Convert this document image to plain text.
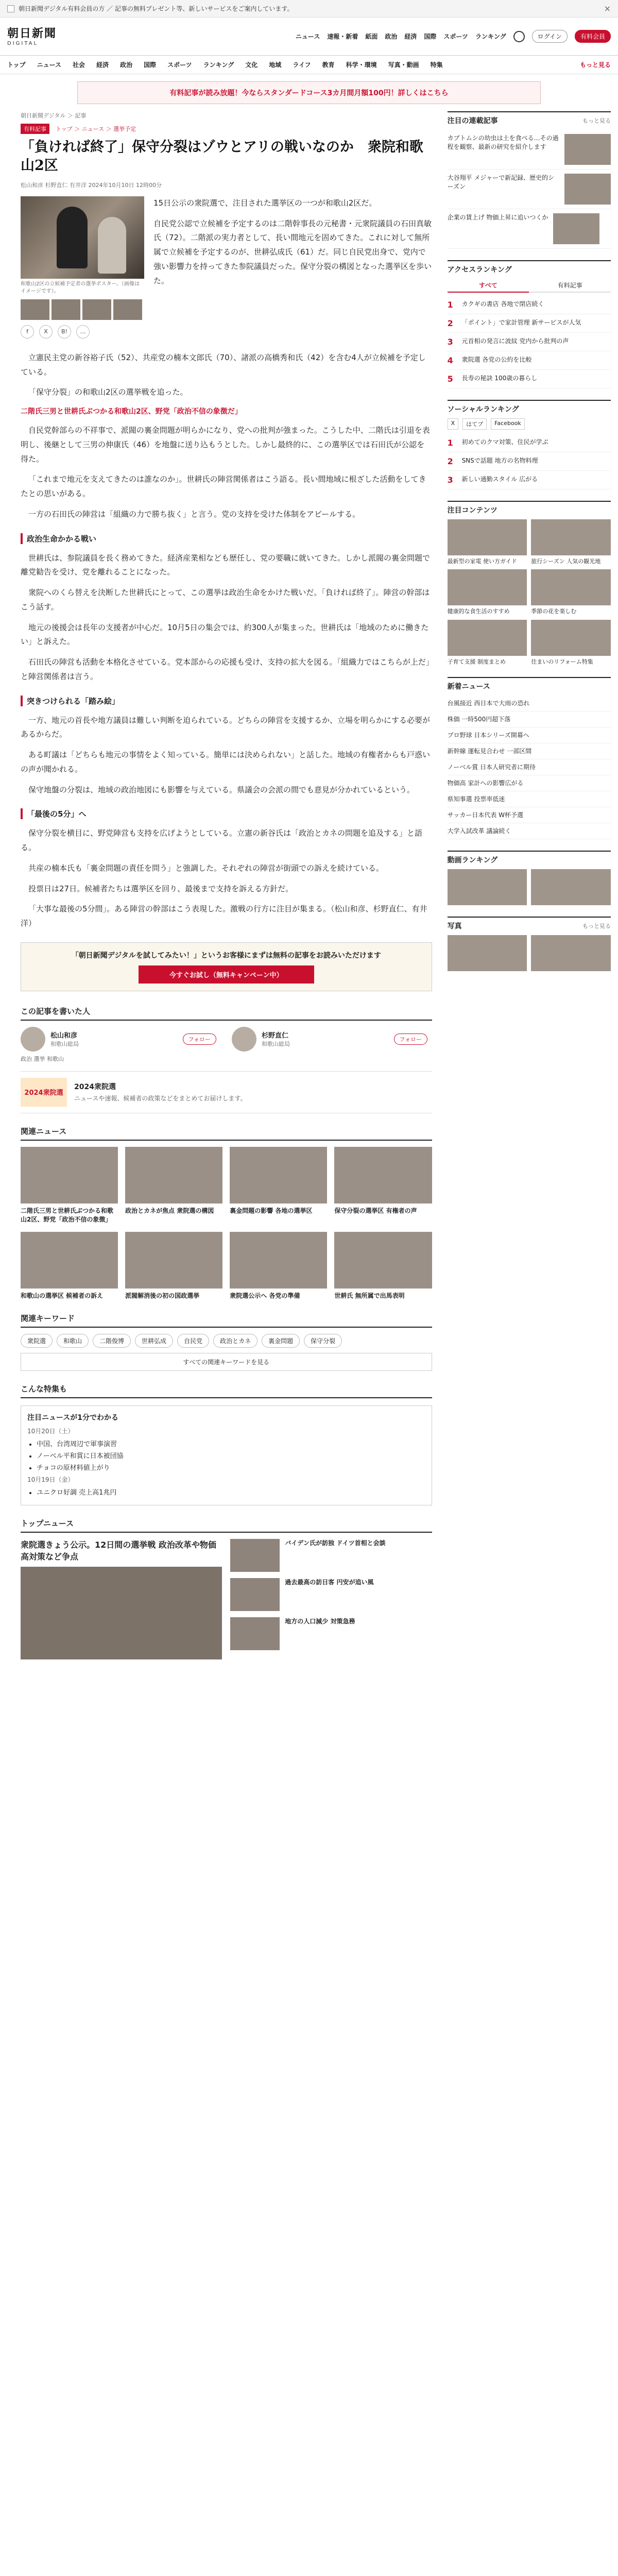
朝日新聞デジタル有料会員の方 ／ 記事の無料プレゼント等、新しいサービスをご案内しています。	×
朝日新聞
DIGITAL
ニュース 速報・新着 紙面 政治 経済 国際 スポーツ ランキング	ログイン	有料会員
トップ ニュース 社会 経済 政治 国際 スポーツ ランキング 文化 地域 ライフ 教育 科学・環境 写真・動画 特集	もっと見る
有料記事が読み放題！今ならスタンダードコース3カ月間月額100円！詳しくはこちら
朝日新聞デジタル ＞ 記事
有料記事	トップ ＞ ニュース ＞ 選挙予定
「負ければ終了」保守分裂はゾウとアリの戦いなのか　衆院和歌山2区
松山和彦 杉野直仁 有井洋 2024年10月10日 12時00分
和歌山2区の立候補予定者の選挙ポスター。（画像はイメージです）。
f	X	B!	…

15日公示の衆院選で、注目された選挙区の一つが和歌山2区だ。

自民党公認で立候補を予定するのは二階幹事長の元秘書・元衆院議員の石田真敏氏（72）。二階派の実力者として、長い間地元を固めてきた。これに対して無所属で立候補を予定するのが、世耕弘成氏（61）だ。同じ自民党出身で、党内で強い影響力を持ってきた参院議員だった。保守分裂の構図となった選挙区を歩いた。

立憲民主党の新谷裕子氏（52）、共産党の楠本文郎氏（70）、諸派の高橋秀和氏（42）を含む4人が立候補を予定している。

「保守分裂」の和歌山2区の選挙戦を追った。

二階氏三男と世耕氏ぶつかる和歌山2区、野党「政治不信の象徴だ」

自民党幹部らの不祥事で、派閥の裏金問題が明らかになり、党への批判が強まった。こうした中、二階氏は引退を表明し、後継として三男の伸康氏（46）を地盤に送り込もうとした。しかし最終的に、この選挙区では石田氏が公認を得た。

「これまで地元を支えてきたのは誰なのか」。世耕氏の陣営関係者はこう語る。長い間地域に根ざした活動をしてきたとの思いがある。

一方の石田氏の陣営は「組織の力で勝ち抜く」と言う。党の支持を受けた体制をアピールする。

政治生命かかる戦い

世耕氏は、参院議員を長く務めてきた。経済産業相なども歴任し、党の要職に就いてきた。しかし派閥の裏金問題で離党勧告を受け、党を離れることになった。

衆院へのくら替えを決断した世耕氏にとって、この選挙は政治生命をかけた戦いだ。「負ければ終了」。陣営の幹部はこう話す。

地元の後援会は長年の支援者が中心だ。10月5日の集会では、約300人が集まった。世耕氏は「地域のために働きたい」と訴えた。

石田氏の陣営も活動を本格化させている。党本部からの応援も受け、支持の拡大を図る。「組織力ではこちらが上だ」と陣営関係者は言う。

突きつけられる「踏み絵」

一方、地元の首長や地方議員は難しい判断を迫られている。どちらの陣営を支援するか、立場を明らかにする必要があるからだ。

ある町議は「どちらも地元の事情をよく知っている。簡単には決められない」と話した。地域の有権者からも戸惑いの声が聞かれる。

保守地盤の分裂は、地域の政治地図にも影響を与えている。県議会の会派の間でも意見が分かれているという。

「最後の5分」へ

保守分裂を横目に、野党陣営も支持を広げようとしている。立憲の新谷氏は「政治とカネの問題を追及する」と語る。

共産の楠本氏も「裏金問題の責任を問う」と強調した。それぞれの陣営が街頭での訴えを続けている。

投票日は27日。候補者たちは選挙区を回り、最後まで支持を訴える方針だ。

「大事な最後の5分間」。ある陣営の幹部はこう表現した。激戦の行方に注目が集まる。（松山和彦、杉野直仁、有井洋）

「朝日新聞デジタルを試してみたい！」というお客様にまずは無料の記事をお読みいただけます
今すぐお試し（無料キャンペーン中）
この記事を書いた人
松山和彦
和歌山総局
フォロー	杉野直仁
和歌山総局
フォロー
政治 選挙 和歌山
2024衆院選
2024衆院選
ニュースや速報、候補者の政策などをまとめてお届けします。
関連ニュース
二階氏三男と世耕氏ぶつかる和歌山2区、野党「政治不信の象徴」
政治とカネが焦点 衆院選の構図	裏金問題の影響 各地の選挙区	保守分裂の選挙区 有権者の声
和歌山の選挙区 候補者の訴え	派閥解消後の初の国政選挙	衆院選公示へ 各党の準備	世耕氏 無所属で出馬表明
関連キーワード
衆院選	和歌山	二階俊博	世耕弘成	自民党	政治とカネ	裏金問題	保守分裂
すべての関連キーワードを見る
こんな特集も
注目ニュースが1分でわかる
10月20日（土）
• 中国、台湾周辺で軍事演習
• ノーベル平和賞に日本被団協
• チョコの原材料値上がり
10月19日（金）
• ユニクロ好調 売上高1兆円
トップニュース
衆院選きょう公示。12日間の選挙戦 政治改革や物価高対策など争点
バイデン氏が訪独 ドイツ首相と会談
過去最高の訪日客 円安が追い風
地方の人口減少 対策急務
注目の連載記事	もっと見る
カブトムシの幼虫は土を食べる…その過程を観察、最新の研究を紹介します
大谷翔平 メジャーで新記録、歴史的シーズン
企業の賃上げ 物価上昇に追いつくか
アクセスランキング
すべて	有料記事
1	カクギの書店 各地で閉店続く
2	「ポイント」で家計管理 新サービスが人気
3	元首相の発言に波紋 党内から批判の声
4	衆院選 各党の公約を比較
5	長寿の秘訣 100歳の暮らし
ソーシャルランキング
X	はてブ	Facebook
1	初めてのクマ対策、住民が学ぶ
2	SNSで話題 地方の名物料理
3	新しい通勤スタイル 広がる
注目コンテンツ
最新型の家電 使い方ガイド	旅行シーズン 人気の観光地
健康的な食生活のすすめ	季節の花を楽しむ
子育て支援 制度まとめ	住まいのリフォーム特集
新着ニュース
台風接近 西日本で大雨の恐れ
株価 一時500円超下落
プロ野球 日本シリーズ開幕へ
新幹線 運転見合わせ 一部区間
ノーベル賞 日本人研究者に期待
物価高 家計への影響広がる
県知事選 投票率低迷
サッカー日本代表 W杯予選
大学入試改革 議論続く
動画ランキング
写真	もっと見る
